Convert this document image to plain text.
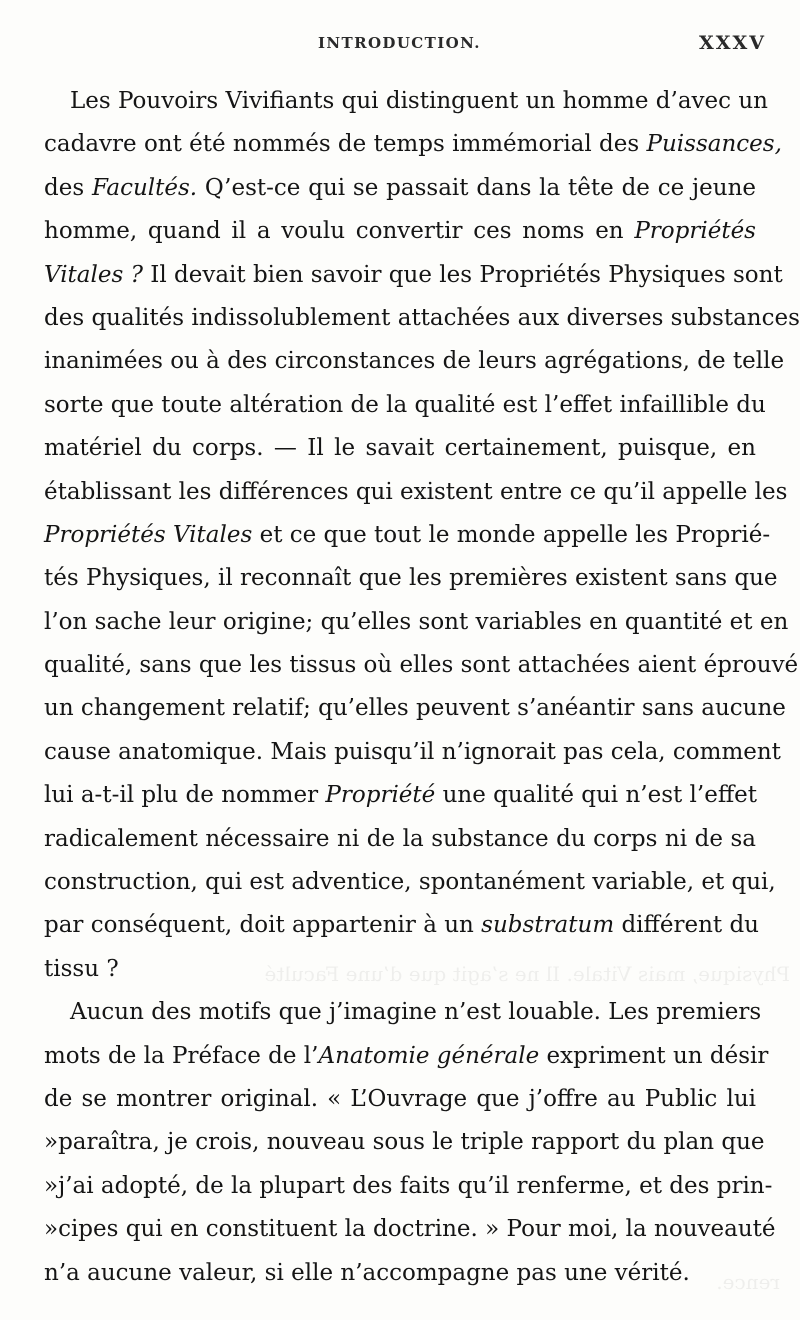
Physique, mais Vitale. Il ne s’agit que d’une Faculté
rence.
INTRODUCTION.	XXXV
Les Pouvoirs Vivifiants qui distinguent un homme d’avec un
cadavre ont été nommés de temps immémorial des Puissances,
des Facultés. Q’est-ce qui se passait dans la tête de ce jeune
homme, quand il a voulu convertir ces noms en Propriétés
Vitales ? Il devait bien savoir que les Propriétés Physiques sont
des qualités indissolublement attachées aux diverses substances
inanimées ou à des circonstances de leurs agrégations, de telle
sorte que toute altération de la qualité est l’effet infaillible du
matériel du corps. — Il le savait certainement, puisque, en
établissant les différences qui existent entre ce qu’il appelle les
Propriétés Vitales et ce que tout le monde appelle les Proprié-
tés Physiques, il reconnaît que les premières existent sans que
l’on sache leur origine; qu’elles sont variables en quantité et en
qualité, sans que les tissus où elles sont attachées aient éprouvé
un changement relatif; qu’elles peuvent s’anéantir sans aucune
cause anatomique. Mais puisqu’il n’ignorait pas cela, comment
lui a-t-il plu de nommer Propriété une qualité qui n’est l’effet
radicalement nécessaire ni de la substance du corps ni de sa
construction, qui est adventice, spontanément variable, et qui,
par conséquent, doit appartenir à un substratum différent du
tissu ?
Aucun des motifs que j’imagine n’est louable. Les premiers
mots de la Préface de l’Anatomie générale expriment un désir
de se montrer original. « L’Ouvrage que j’offre au Public lui
»paraîtra, je crois, nouveau sous le triple rapport du plan que
»j’ai adopté, de la plupart des faits qu’il renferme, et des prin-
»cipes qui en constituent la doctrine. » Pour moi, la nouveauté
n’a aucune valeur, si elle n’accompagne pas une vérité.
